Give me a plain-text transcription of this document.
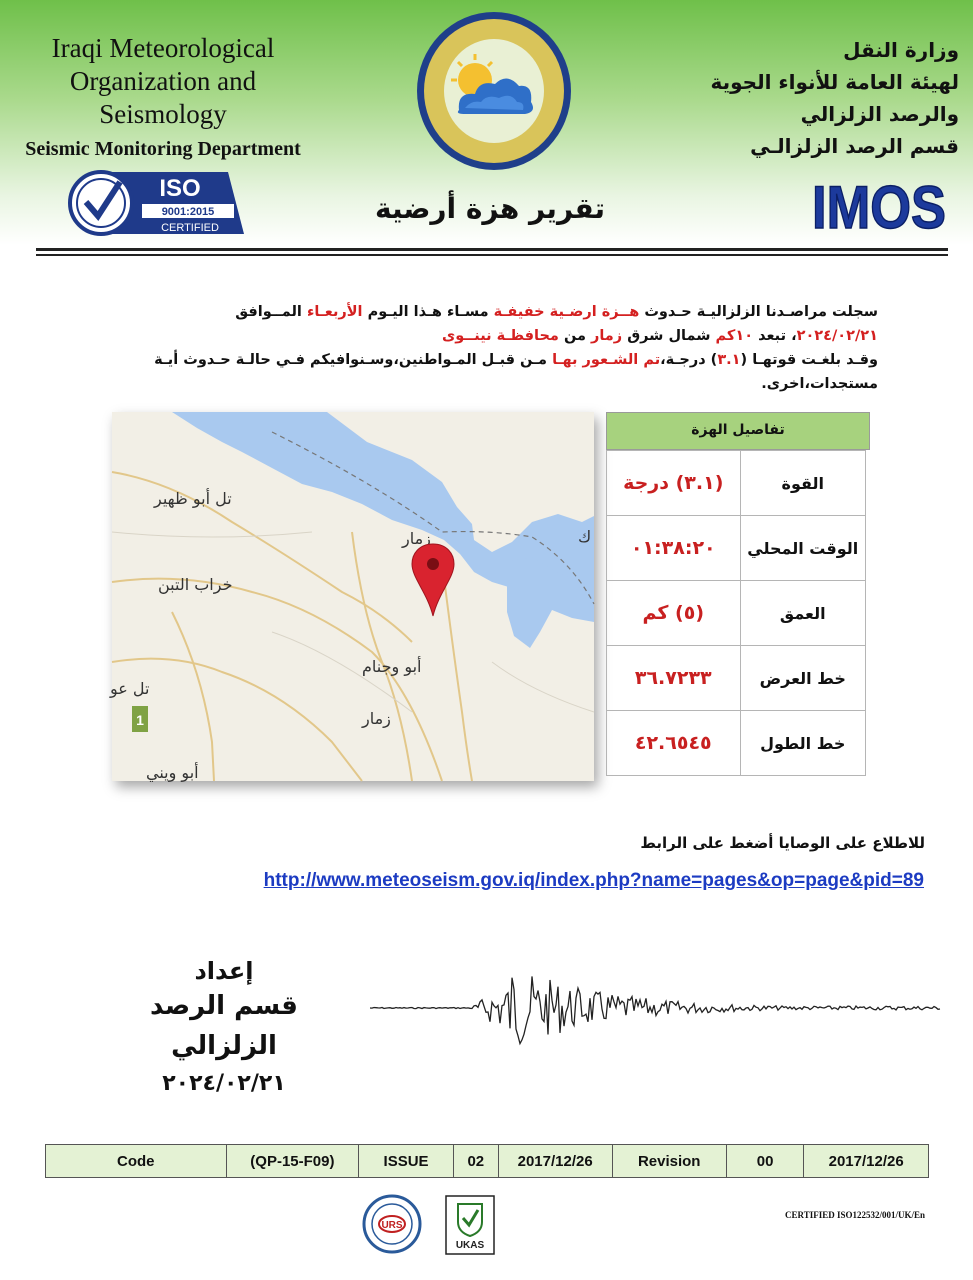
Iraqi Meteorological
Organization and
Seismology
Seismic Monitoring Department
وزارة النقل
لهيئة العامة للأنواء الجوية
والرصد الزلزالي
قسم الرصد الزلزالـي
تقرير هزة أرضية
ISO
9001:2015
CERTIFIED	IMOS
سجلت مراصـدنا الزلزاليـة حـدوث هــزة ارضـية خفيفـة مسـاء هـذا اليـوم الأربعـاء المــوافق
٢٠٢٤/٠٢/٢١، تبعد ١٠كم شمال شرق زمار من محافظـة نينــوى
وقـد بلغـت قوتهـا (٣.١) درجـة،تم الشـعور بهـا مـن قبـل المـواطنين،وسـنوافيكم فـي حالـة حـدوث أيـة
مستجدات،اخرى.
1
تل أبو ظهير
خراب التبن
زمار
أبو وجنام
زمار
تل عو
أبو ويني
ك
تفاصيل الهزة
(٣.١) درجة	القوة
٠١:٣٨:٢٠	الوقت المحلي
(٥) كم	العمق
٣٦.٧٢٣٣	خط العرض
٤٢.٦٥٤٥	خط الطول
للاطلاع على الوصايا أضغط على الرابط
http://www.meteoseism.gov.iq/index.php?name=pages&op=page&pid=89
إعداد
قسم الرصد الزلزالي
٢٠٢٤/٠٢/٢١
Code	(QP-15-F09)	ISSUE	02	2017/12/26	Revision	00	2017/12/26
URS
UKAS
CERTIFIED ISO122532/001/UK/En
